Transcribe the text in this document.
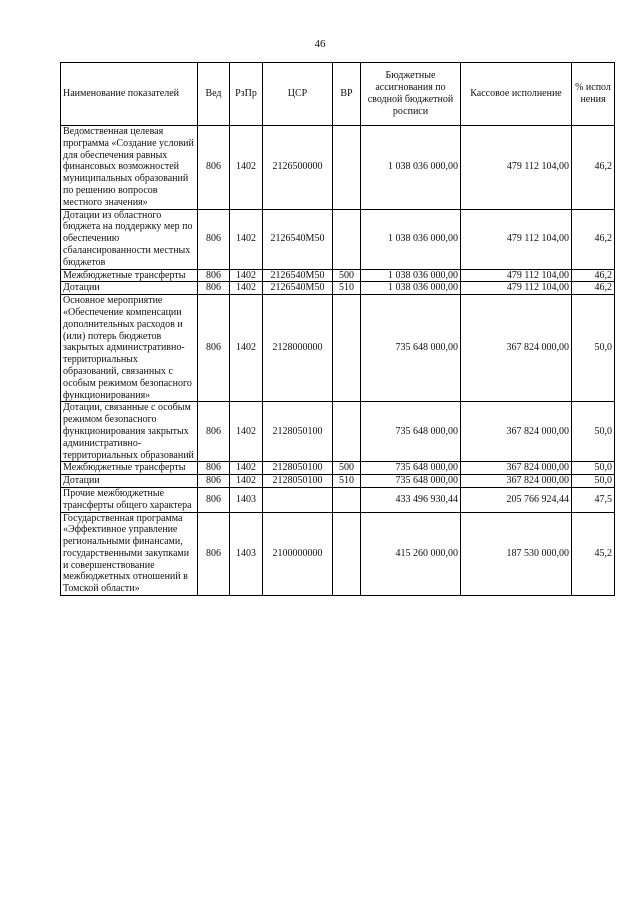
46
Наименование показателей	Вед	РзПр	ЦСР	ВР	Бюджетные ассигнования по сводной бюджетной росписи	Кассовое исполнение	% испол нения
Ведомственная целевая программа «Создание условий для обеспечения равных финансовых возможностей муниципальных образований по решению вопросов местного значения»	806	1402	2126500000		1 038 036 000,00	479 112 104,00	46,2
Дотации из областного бюджета на поддержку мер по обеспечению сбалансированности местных бюджетов	806	1402	2126540М50		1 038 036 000,00	479 112 104,00	46,2
Межбюджетные трансферты	806	1402	2126540М50	500	1 038 036 000,00	479 112 104,00	46,2
Дотации	806	1402	2126540М50	510	1 038 036 000,00	479 112 104,00	46,2
Основное мероприятие «Обеспечение компенсации дополнительных расходов и (или) потерь бюджетов закрытых административно-территориальных образований, связанных с особым режимом безопасного функционирования»	806	1402	2128000000		735 648 000,00	367 824 000,00	50,0
Дотации, связанные с особым режимом безопасного функционирования закрытых административно-территориальных образований	806	1402	2128050100		735 648 000,00	367 824 000,00	50,0
Межбюджетные трансферты	806	1402	2128050100	500	735 648 000,00	367 824 000,00	50,0
Дотации	806	1402	2128050100	510	735 648 000,00	367 824 000,00	50,0
Прочие межбюджетные трансферты общего характера	806	1403			433 496 930,44	205 766 924,44	47,5
Государственная программа «Эффективное управление региональными финансами, государственными закупками и совершенствование межбюджетных отношений в Томской области»	806	1403	2100000000		415 260 000,00	187 530 000,00	45,2
